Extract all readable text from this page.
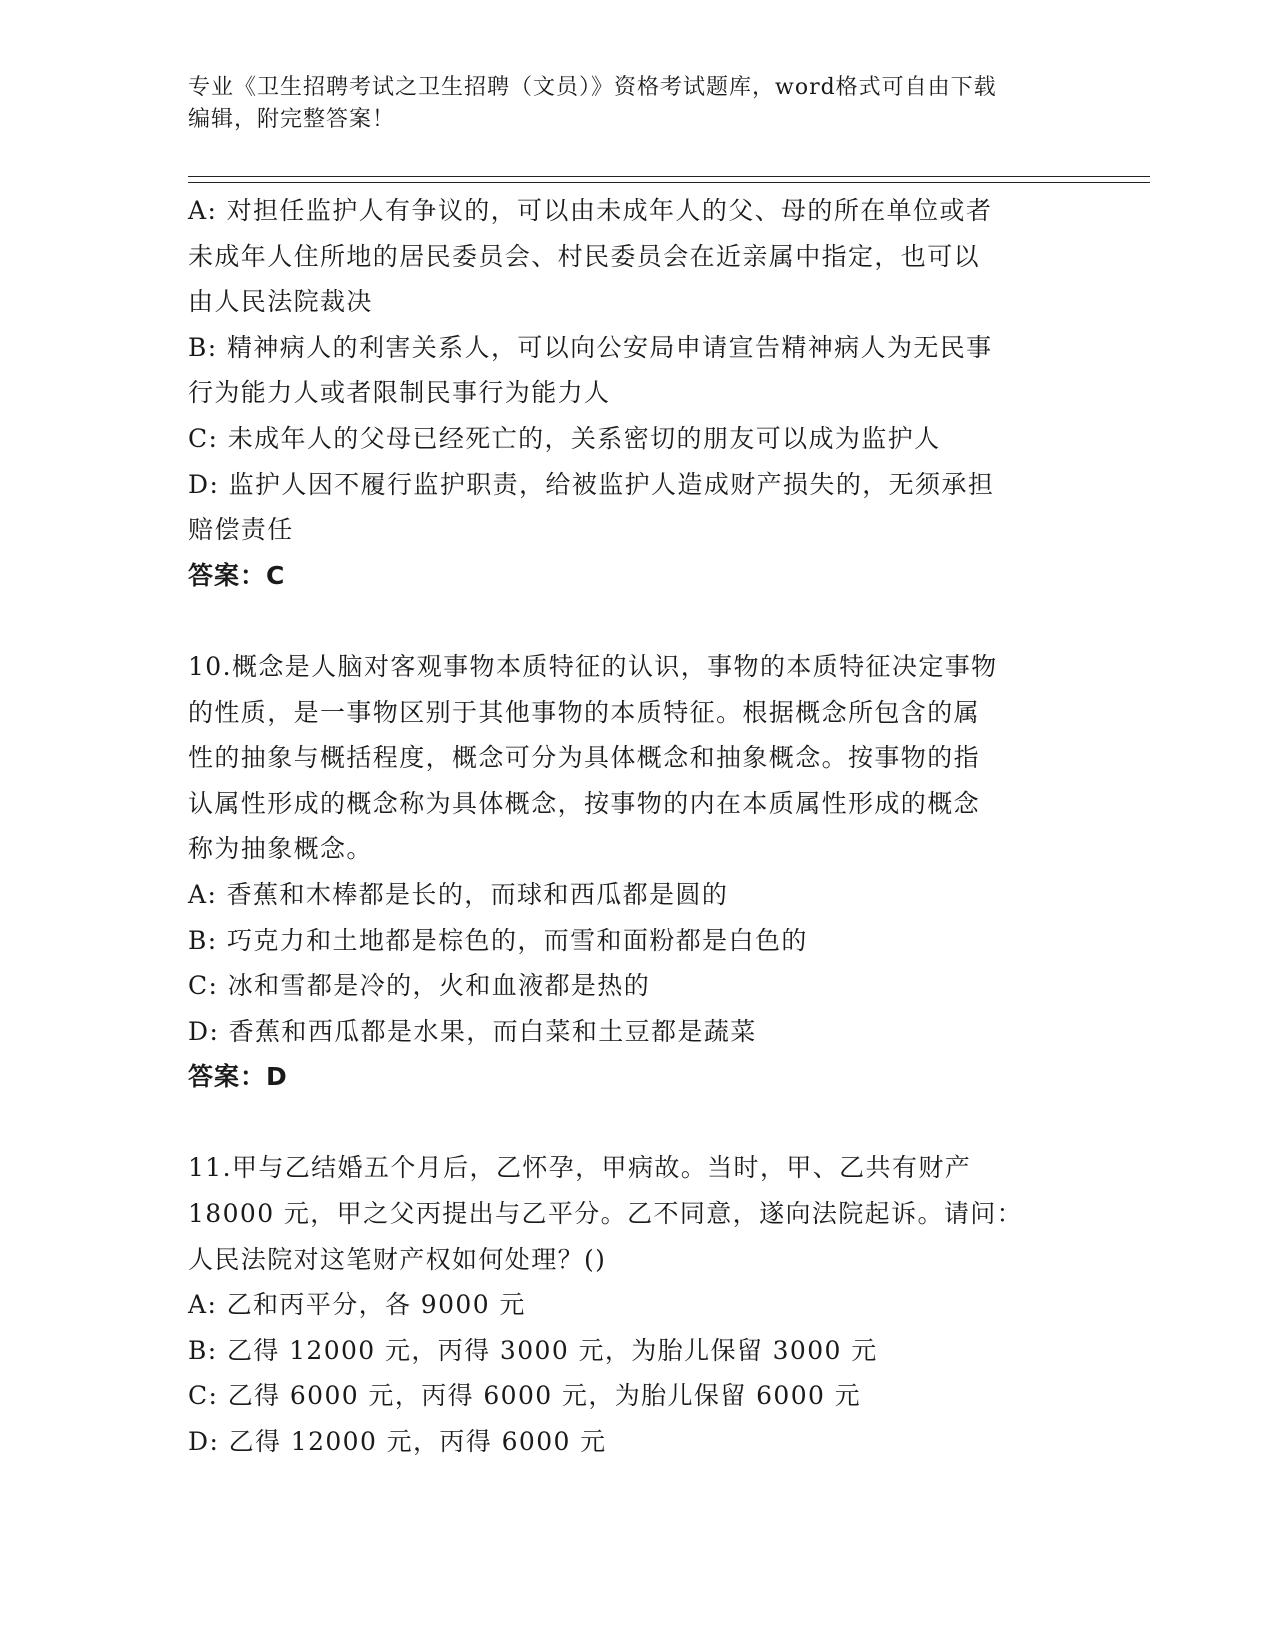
专业《卫生招聘考试之卫生招聘（文员）》资格考试题库，word格式可自由下载
编辑，附完整答案！
A: 对担任监护人有争议的，可以由未成年人的父、母的所在单位或者
未成年人住所地的居民委员会、村民委员会在近亲属中指定，也可以
由人民法院裁决
B: 精神病人的利害关系人，可以向公安局申请宣告精神病人为无民事
行为能力人或者限制民事行为能力人
C: 未成年人的父母已经死亡的，关系密切的朋友可以成为监护人
D: 监护人因不履行监护职责，给被监护人造成财产损失的，无须承担
赔偿责任
答案：C
10.概念是人脑对客观事物本质特征的认识，事物的本质特征决定事物
的性质，是一事物区别于其他事物的本质特征。根据概念所包含的属
性的抽象与概括程度，概念可分为具体概念和抽象概念。按事物的指
认属性形成的概念称为具体概念，按事物的内在本质属性形成的概念
称为抽象概念。
A: 香蕉和木棒都是长的，而球和西瓜都是圆的
B: 巧克力和土地都是棕色的，而雪和面粉都是白色的
C: 冰和雪都是冷的，火和血液都是热的
D: 香蕉和西瓜都是水果，而白菜和土豆都是蔬菜
答案：D
11.甲与乙结婚五个月后，乙怀孕，甲病故。当时，甲、乙共有财产
18000 元，甲之父丙提出与乙平分。乙不同意，遂向法院起诉。请问：
人民法院对这笔财产权如何处理？()
A: 乙和丙平分，各 9000 元
B: 乙得 12000 元，丙得 3000 元，为胎儿保留 3000 元
C: 乙得 6000 元，丙得 6000 元，为胎儿保留 6000 元
D: 乙得 12000 元，丙得 6000 元
